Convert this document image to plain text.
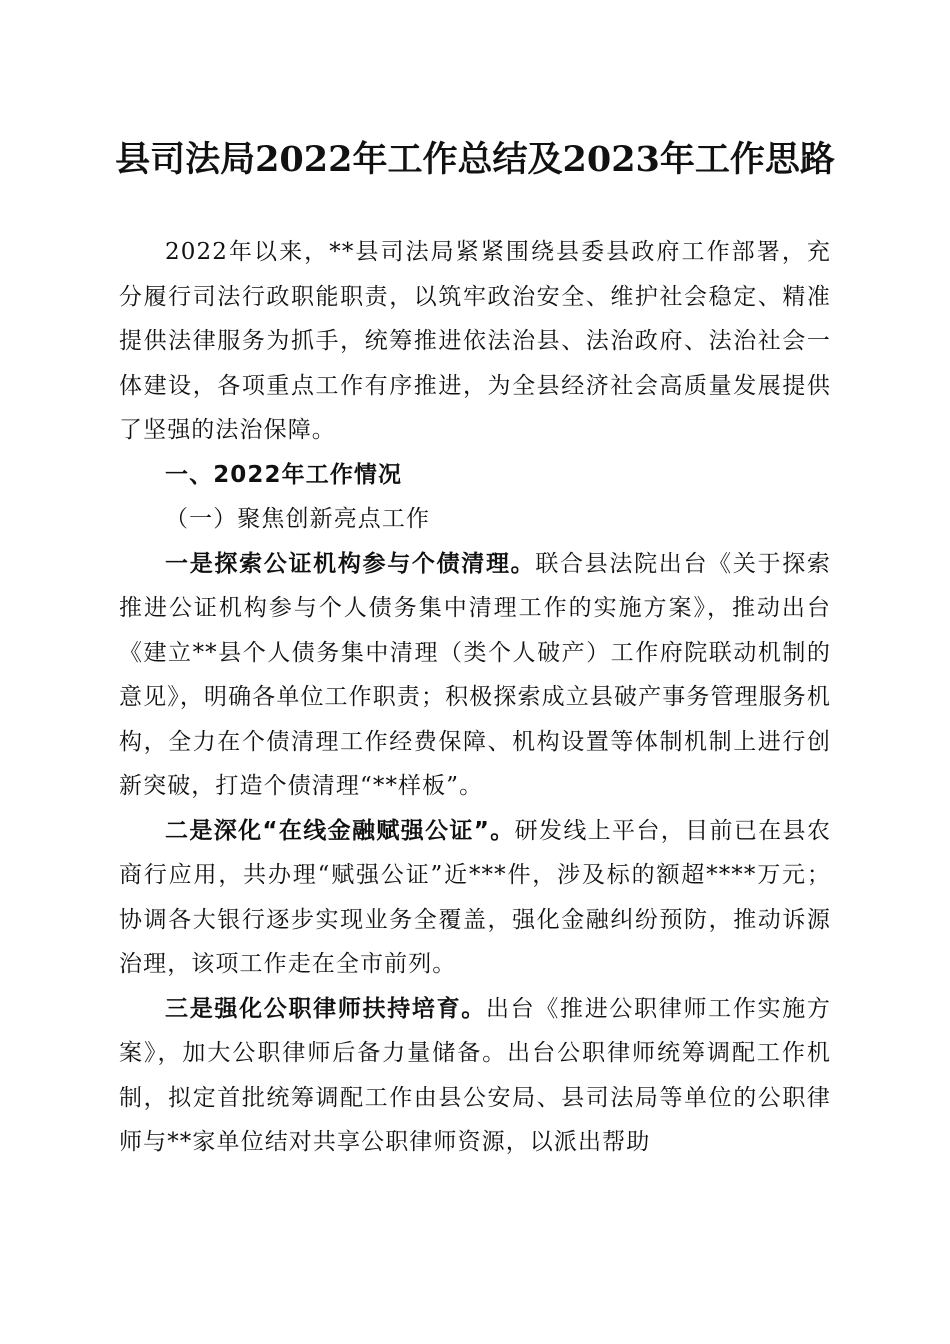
县司法局2022年工作总结及2023年工作思路

2022年以来，**县司法局紧紧围绕县委县政府工作部署，充分履行司法行政职能职责，以筑牢政治安全、维护社会稳定、精准提供法律服务为抓手，统筹推进依法治县、法治政府、法治社会一体建设，各项重点工作有序推进，为全县经济社会高质量发展提供了坚强的法治保障。

一、2022年工作情况

（一）聚焦创新亮点工作

一是探索公证机构参与个债清理。联合县法院出台《关于探索推进公证机构参与个人债务集中清理工作的实施方案》，推动出台《建立**县个人债务集中清理（类个人破产）工作府院联动机制的意见》，明确各单位工作职责；积极探索成立县破产事务管理服务机构，全力在个债清理工作经费保障、机构设置等体制机制上进行创新突破，打造个债清理“**样板”。

二是深化“在线金融赋强公证”。研发线上平台，目前已在县农商行应用，共办理“赋强公证”近***件，涉及标的额超****万元；协调各大银行逐步实现业务全覆盖，强化金融纠纷预防，推动诉源治理，该项工作走在全市前列。

三是强化公职律师扶持培育。出台《推进公职律师工作实施方案》，加大公职律师后备力量储备。出台公职律师统筹调配工作机制，拟定首批统筹调配工作由县公安局、县司法局等单位的公职律师与**家单位结对共享公职律师资源，以派出帮助
